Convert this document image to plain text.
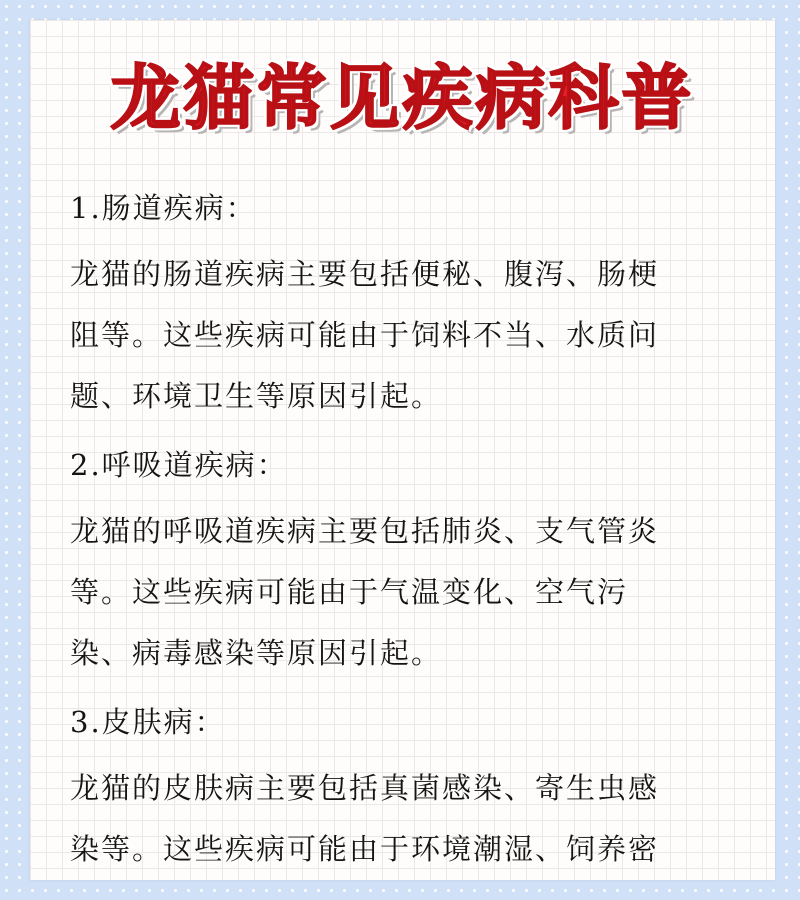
龙猫常见疾病科普
1.肠道疾病：

龙猫的肠道疾病主要包括便秘、腹泻、肠梗

阻等。这些疾病可能由于饲料不当、水质问

题、环境卫生等原因引起。

2.呼吸道疾病：

龙猫的呼吸道疾病主要包括肺炎、支气管炎

等。这些疾病可能由于气温变化、空气污

染、病毒感染等原因引起。

3.皮肤病：

龙猫的皮肤病主要包括真菌感染、寄生虫感

染等。这些疾病可能由于环境潮湿、饲养密
